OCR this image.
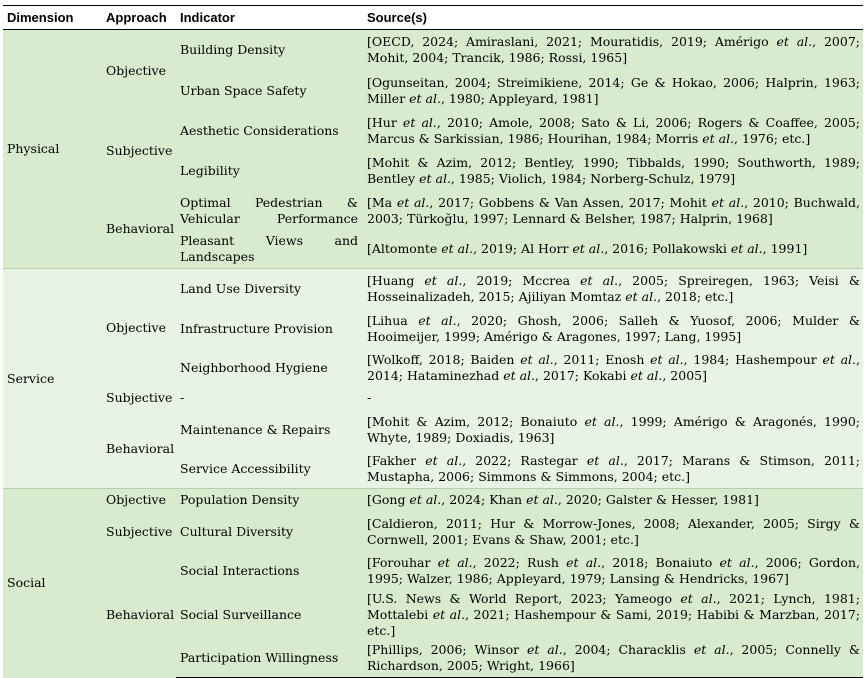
Dimension	Approach	Indicator	Source(s)
Physical	Objective	Building Density	[OECD, 2024; Amiraslani, 2021; Mouratidis, 2019; Amérigo et al., 2007; Mohit, 2004; Trancik, 1986; Rossi, 1965]
		Urban Space Safety	[Ogunseitan, 2004; Streimikiene, 2014; Ge & Hokao, 2006; Halprin, 1963; Miller et al., 1980; Appleyard, 1981]
	Subjective	Aesthetic Considerations	[Hur et al., 2010; Amole, 2008; Sato & Li, 2006; Rogers & Coaffee, 2005; Marcus & Sarkissian, 1986; Hourihan, 1984; Morris et al., 1976; etc.]
		Legibility	[Mohit & Azim, 2012; Bentley, 1990; Tibbalds, 1990; Southworth, 1989; Bentley et al., 1985; Violich, 1984; Norberg-Schulz, 1979]
	Behavioral	Optimal Pedestrian & Vehicular Performance	[Ma et al., 2017; Gobbens & Van Assen, 2017; Mohit et al., 2010; Buchwald, 2003; Türkoğlu, 1997; Lennard & Belsher, 1987; Halprin, 1968]
		Pleasant Views and Landscapes	[Altomonte et al., 2019; Al Horr et al., 2016; Pollakowski et al., 1991]
Service	Objective	Land Use Diversity	[Huang et al., 2019; Mccrea et al., 2005; Spreiregen, 1963; Veisi & Hosseinalizadeh, 2015; Ajiliyan Momtaz et al., 2018; etc.]
		Infrastructure Provision	[Lihua et al., 2020; Ghosh, 2006; Salleh & Yuosof, 2006; Mulder & Hooimeijer, 1999; Amérigo & Aragones, 1997; Lang, 1995]
		Neighborhood Hygiene	[Wolkoff, 2018; Baiden et al., 2011; Enosh et al., 1984; Hashempour et al., 2014; Hataminezhad et al., 2017; Kokabi et al., 2005]
	Subjective	-	-
	Behavioral	Maintenance & Repairs	[Mohit & Azim, 2012; Bonaiuto et al., 1999; Amérigo & Aragonés, 1990; Whyte, 1989; Doxiadis, 1963]
		Service Accessibility	[Fakher et al., 2022; Rastegar et al., 2017; Marans & Stimson, 2011; Mustapha, 2006; Simmons & Simmons, 2004; etc.]
Social	Objective	Population Density	[Gong et al., 2024; Khan et al., 2020; Galster & Hesser, 1981]
	Subjective	Cultural Diversity	[Caldieron, 2011; Hur & Morrow-Jones, 2008; Alexander, 2005; Sirgy & Cornwell, 2001; Evans & Shaw, 2001; etc.]
	Behavioral	Social Interactions	[Forouhar et al., 2022; Rush et al., 2018; Bonaiuto et al., 2006; Gordon, 1995; Walzer, 1986; Appleyard, 1979; Lansing & Hendricks, 1967]
		Social Surveillance	[U.S. News & World Report, 2023; Yameogo et al., 2021; Lynch, 1981; Mottalebi et al., 2021; Hashempour & Sami, 2019; Habibi & Marzban, 2017; etc.]
		Participation Willingness	[Phillips, 2006; Winsor et al., 2004; Characklis et al., 2005; Connelly & Richardson, 2005; Wright, 1966]
